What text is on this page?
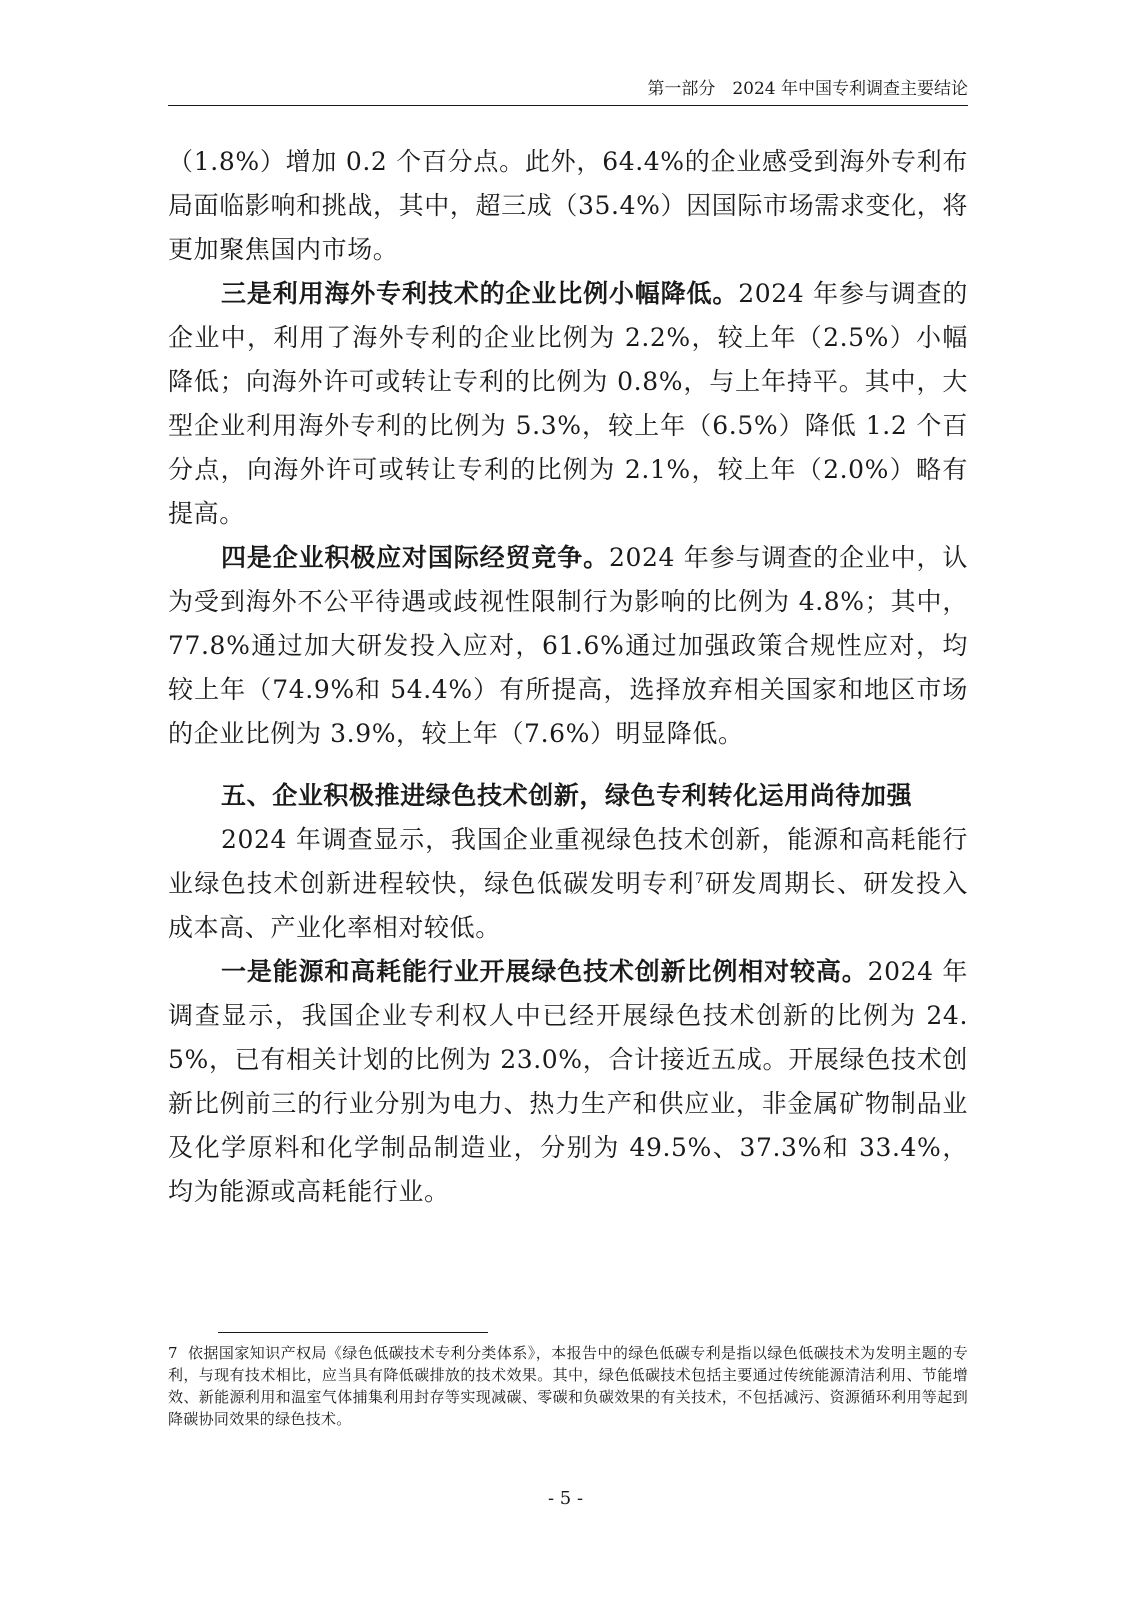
第一部分　2024 年中国专利调查主要结论

（1.8%）增加 0.2 个百分点。此外，64.4%的企业感受到海外专利布局面临影响和挑战，其中，超三成（35.4%）因国际市场需求变化，将更加聚焦国内市场。

三是利用海外专利技术的企业比例小幅降低。2024 年参与调查的企业中，利用了海外专利的企业比例为 2.2%，较上年（2.5%）小幅降低；向海外许可或转让专利的比例为 0.8%，与上年持平。其中，大型企业利用海外专利的比例为 5.3%，较上年（6.5%）降低 1.2 个百分点，向海外许可或转让专利的比例为 2.1%，较上年（2.0%）略有提高。

四是企业积极应对国际经贸竞争。2024 年参与调查的企业中，认为受到海外不公平待遇或歧视性限制行为影响的比例为 4.8%；其中，77.8%通过加大研发投入应对，61.6%通过加强政策合规性应对，均较上年（74.9%和 54.4%）有所提高，选择放弃相关国家和地区市场的企业比例为 3.9%，较上年（7.6%）明显降低。

五、企业积极推进绿色技术创新，绿色专利转化运用尚待加强

2024 年调查显示，我国企业重视绿色技术创新，能源和高耗能行业绿色技术创新进程较快，绿色低碳发明专利$^7$研发周期长、研发投入成本高、产业化率相对较低。

一是能源和高耗能行业开展绿色技术创新比例相对较高。2024 年调查显示，我国企业专利权人中已经开展绿色技术创新的比例为 24.5%，已有相关计划的比例为 23.0%，合计接近五成。开展绿色技术创新比例前三的行业分别为电力、热力生产和供应业，非金属矿物制品业及化学原料和化学制品制造业，分别为 49.5%、37.3%和 33.4%，均为能源或高耗能行业。

7 依据国家知识产权局《绿色低碳技术专利分类体系》，本报告中的绿色低碳专利是指以绿色低碳技术为发明主题的专利，与现有技术相比，应当具有降低碳排放的技术效果。其中，绿色低碳技术包括主要通过传统能源清洁利用、节能增效、新能源利用和温室气体捕集利用封存等实现减碳、零碳和负碳效果的有关技术，不包括减污、资源循环利用等起到降碳协同效果的绿色技术。

- 5 -
